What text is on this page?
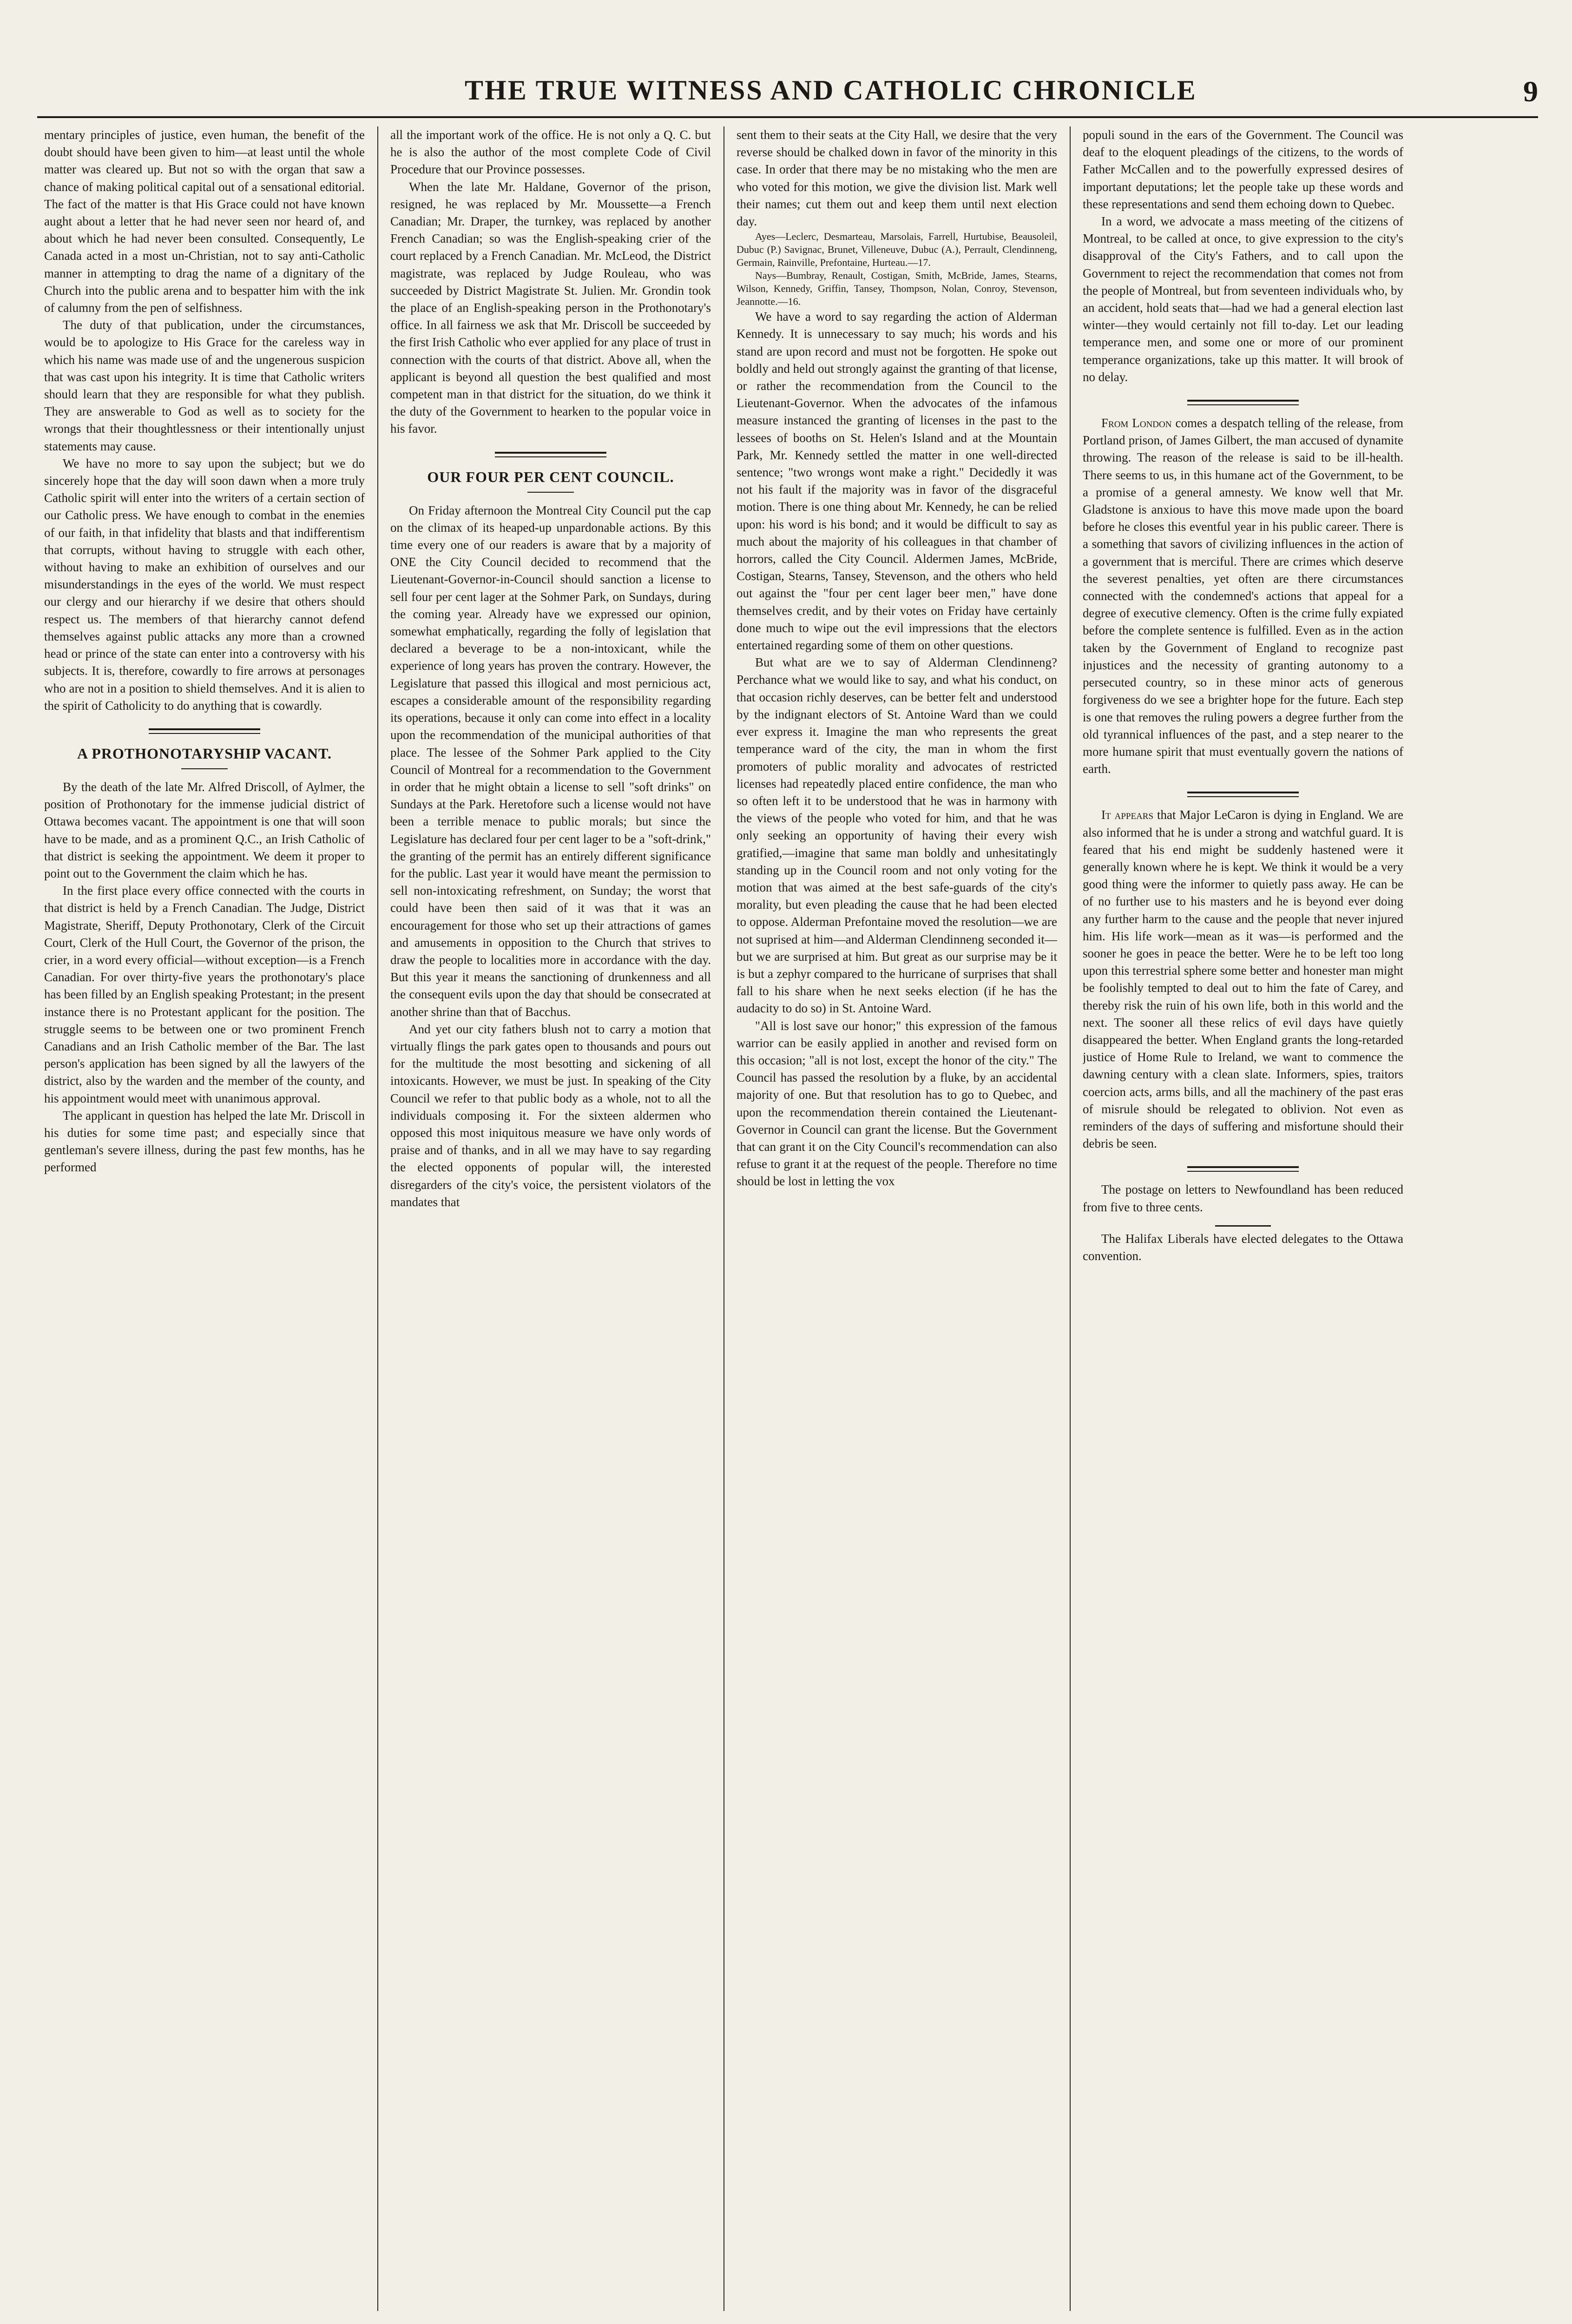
THE TRUE WITNESS AND CATHOLIC CHRONICLE	9

mentary principles of justice, even human, the benefit of the doubt should have been given to him—at least until the whole matter was cleared up. But not so with the organ that saw a chance of making political capital out of a sensational editorial. The fact of the matter is that His Grace could not have known aught about a letter that he had never seen nor heard of, and about which he had never been consulted. Consequently, Le Canada acted in a most un-Christian, not to say anti-Catholic manner in attempting to drag the name of a dignitary of the Church into the public arena and to bespatter him with the ink of calumny from the pen of selfishness.

The duty of that publication, under the circumstances, would be to apologize to His Grace for the careless way in which his name was made use of and the ungenerous suspicion that was cast upon his integrity. It is time that Catholic writers should learn that they are responsible for what they publish. They are answerable to God as well as to society for the wrongs that their thoughtlessness or their intentionally unjust statements may cause.

We have no more to say upon the subject; but we do sincerely hope that the day will soon dawn when a more truly Catholic spirit will enter into the writers of a certain section of our Catholic press. We have enough to combat in the enemies of our faith, in that infidelity that blasts and that indifferentism that corrupts, without having to struggle with each other, without having to make an exhibition of ourselves and our misunderstandings in the eyes of the world. We must respect our clergy and our hierarchy if we desire that others should respect us. The members of that hierarchy cannot defend themselves against public attacks any more than a crowned head or prince of the state can enter into a controversy with his subjects. It is, therefore, cowardly to fire arrows at personages who are not in a position to shield themselves. And it is alien to the spirit of Catholicity to do anything that is cowardly.

A PROTHONOTARYSHIP VACANT.

By the death of the late Mr. Alfred Driscoll, of Aylmer, the position of Prothonotary for the immense judicial district of Ottawa becomes vacant. The appointment is one that will soon have to be made, and as a prominent Q.C., an Irish Catholic of that district is seeking the appointment. We deem it proper to point out to the Government the claim which he has.

In the first place every office connected with the courts in that district is held by a French Canadian. The Judge, District Magistrate, Sheriff, Deputy Prothonotary, Clerk of the Circuit Court, Clerk of the Hull Court, the Governor of the prison, the crier, in a word every official—without exception—is a French Canadian. For over thirty-five years the prothonotary's place has been filled by an English speaking Protestant; in the present instance there is no Protestant applicant for the position. The struggle seems to be between one or two prominent French Canadians and an Irish Catholic member of the Bar. The last person's application has been signed by all the lawyers of the district, also by the warden and the member of the county, and his appointment would meet with unanimous approval.

The applicant in question has helped the late Mr. Driscoll in his duties for some time past; and especially since that gentleman's severe illness, during the past few months, has he performed

all the important work of the office. He is not only a Q. C. but he is also the author of the most complete Code of Civil Procedure that our Province possesses.

When the late Mr. Haldane, Governor of the prison, resigned, he was replaced by Mr. Moussette—a French Canadian; Mr. Draper, the turnkey, was replaced by another French Canadian; so was the English-speaking crier of the court replaced by a French Canadian. Mr. McLeod, the District magistrate, was replaced by Judge Rouleau, who was succeeded by District Magistrate St. Julien. Mr. Grondin took the place of an English-speaking person in the Prothonotary's office. In all fairness we ask that Mr. Driscoll be succeeded by the first Irish Catholic who ever applied for any place of trust in connection with the courts of that district. Above all, when the applicant is beyond all question the best qualified and most competent man in that district for the situation, do we think it the duty of the Government to hearken to the popular voice in his favor.

OUR FOUR PER CENT COUNCIL.

On Friday afternoon the Montreal City Council put the cap on the climax of its heaped-up unpardonable actions. By this time every one of our readers is aware that by a majority of ONE the City Council decided to recommend that the Lieutenant-Governor-in-Council should sanction a license to sell four per cent lager at the Sohmer Park, on Sundays, during the coming year. Already have we expressed our opinion, somewhat emphatically, regarding the folly of legislation that declared a beverage to be a non-intoxicant, while the experience of long years has proven the contrary. However, the Legislature that passed this illogical and most pernicious act, escapes a considerable amount of the responsibility regarding its operations, because it only can come into effect in a locality upon the recommendation of the municipal authorities of that place. The lessee of the Sohmer Park applied to the City Council of Montreal for a recommendation to the Government in order that he might obtain a license to sell "soft drinks" on Sundays at the Park. Heretofore such a license would not have been a terrible menace to public morals; but since the Legislature has declared four per cent lager to be a "soft-drink," the granting of the permit has an entirely different significance for the public. Last year it would have meant the permission to sell non-intoxicating refreshment, on Sunday; the worst that could have been then said of it was that it was an encouragement for those who set up their attractions of games and amusements in opposition to the Church that strives to draw the people to localities more in accordance with the day. But this year it means the sanctioning of drunkenness and all the consequent evils upon the day that should be consecrated at another shrine than that of Bacchus.

And yet our city fathers blush not to carry a motion that virtually flings the park gates open to thousands and pours out for the multitude the most besotting and sickening of all intoxicants. However, we must be just. In speaking of the City Council we refer to that public body as a whole, not to all the individuals composing it. For the sixteen aldermen who opposed this most iniquitous measure we have only words of praise and of thanks, and in all we may have to say regarding the elected opponents of popular will, the interested disregarders of the city's voice, the persistent violators of the mandates that

sent them to their seats at the City Hall, we desire that the very reverse should be chalked down in favor of the minority in this case. In order that there may be no mistaking who the men are who voted for this motion, we give the division list. Mark well their names; cut them out and keep them until next election day.

Ayes—Leclerc, Desmarteau, Marsolais, Farrell, Hurtubise, Beausoleil, Dubuc (P.) Savignac, Brunet, Villeneuve, Dubuc (A.), Perrault, Clendinneng, Germain, Rainville, Prefontaine, Hurteau.—17.

Nays—Bumbray, Renault, Costigan, Smith, McBride, James, Stearns, Wilson, Kennedy, Griffin, Tansey, Thompson, Nolan, Conroy, Stevenson, Jeannotte.—16.

We have a word to say regarding the action of Alderman Kennedy. It is unnecessary to say much; his words and his stand are upon record and must not be forgotten. He spoke out boldly and held out strongly against the granting of that license, or rather the recommendation from the Council to the Lieutenant-Governor. When the advocates of the infamous measure instanced the granting of licenses in the past to the lessees of booths on St. Helen's Island and at the Mountain Park, Mr. Kennedy settled the matter in one well-directed sentence; "two wrongs wont make a right." Decidedly it was not his fault if the majority was in favor of the disgraceful motion. There is one thing about Mr. Kennedy, he can be relied upon: his word is his bond; and it would be difficult to say as much about the majority of his colleagues in that chamber of horrors, called the City Council. Aldermen James, McBride, Costigan, Stearns, Tansey, Stevenson, and the others who held out against the "four per cent lager beer men," have done themselves credit, and by their votes on Friday have certainly done much to wipe out the evil impressions that the electors entertained regarding some of them on other questions.

But what are we to say of Alderman Clendinneng? Perchance what we would like to say, and what his conduct, on that occasion richly deserves, can be better felt and understood by the indignant electors of St. Antoine Ward than we could ever express it. Imagine the man who represents the great temperance ward of the city, the man in whom the first promoters of public morality and advocates of restricted licenses had repeatedly placed entire confidence, the man who so often left it to be understood that he was in harmony with the views of the people who voted for him, and that he was only seeking an opportunity of having their every wish gratified,—imagine that same man boldly and unhesitatingly standing up in the Council room and not only voting for the motion that was aimed at the best safe-guards of the city's morality, but even pleading the cause that he had been elected to oppose. Alderman Prefontaine moved the resolution—we are not suprised at him—and Alderman Clendinneng seconded it—but we are surprised at him. But great as our surprise may be it is but a zephyr compared to the hurricane of surprises that shall fall to his share when he next seeks election (if he has the audacity to do so) in St. Antoine Ward.

"All is lost save our honor;" this expression of the famous warrior can be easily applied in another and revised form on this occasion; "all is not lost, except the honor of the city." The Council has passed the resolution by a fluke, by an accidental majority of one. But that resolution has to go to Quebec, and upon the recommendation therein contained the Lieutenant-Governor in Council can grant the license. But the Government that can grant it on the City Council's recommendation can also refuse to grant it at the request of the people. Therefore no time should be lost in letting the vox

populi sound in the ears of the Government. The Council was deaf to the eloquent pleadings of the citizens, to the words of Father McCallen and to the powerfully expressed desires of important deputations; let the people take up these words and these representations and send them echoing down to Quebec.

In a word, we advocate a mass meeting of the citizens of Montreal, to be called at once, to give expression to the city's disapproval of the City's Fathers, and to call upon the Government to reject the recommendation that comes not from the people of Montreal, but from seventeen individuals who, by an accident, hold seats that—had we had a general election last winter—they would certainly not fill to-day. Let our leading temperance men, and some one or more of our prominent temperance organizations, take up this matter. It will brook of no delay.

From London comes a despatch telling of the release, from Portland prison, of James Gilbert, the man accused of dynamite throwing. The reason of the release is said to be ill-health. There seems to us, in this humane act of the Government, to be a promise of a general amnesty. We know well that Mr. Gladstone is anxious to have this move made upon the board before he closes this eventful year in his public career. There is a something that savors of civilizing influences in the action of a government that is merciful. There are crimes which deserve the severest penalties, yet often are there circumstances connected with the condemned's actions that appeal for a degree of executive clemency. Often is the crime fully expiated before the complete sentence is fulfilled. Even as in the action taken by the Government of England to recognize past injustices and the necessity of granting autonomy to a persecuted country, so in these minor acts of generous forgiveness do we see a brighter hope for the future. Each step is one that removes the ruling powers a degree further from the old tyrannical influences of the past, and a step nearer to the more humane spirit that must eventually govern the nations of earth.

It appears that Major LeCaron is dying in England. We are also informed that he is under a strong and watchful guard. It is feared that his end might be suddenly hastened were it generally known where he is kept. We think it would be a very good thing were the informer to quietly pass away. He can be of no further use to his masters and he is beyond ever doing any further harm to the cause and the people that never injured him. His life work—mean as it was—is performed and the sooner he goes in peace the better. Were he to be left too long upon this terrestrial sphere some better and honester man might be foolishly tempted to deal out to him the fate of Carey, and thereby risk the ruin of his own life, both in this world and the next. The sooner all these relics of evil days have quietly disappeared the better. When England grants the long-retarded justice of Home Rule to Ireland, we want to commence the dawning century with a clean slate. Informers, spies, traitors coercion acts, arms bills, and all the machinery of the past eras of misrule should be relegated to oblivion. Not even as reminders of the days of suffering and misfortune should their debris be seen.

The postage on letters to Newfoundland has been reduced from five to three cents.

The Halifax Liberals have elected delegates to the Ottawa convention.
